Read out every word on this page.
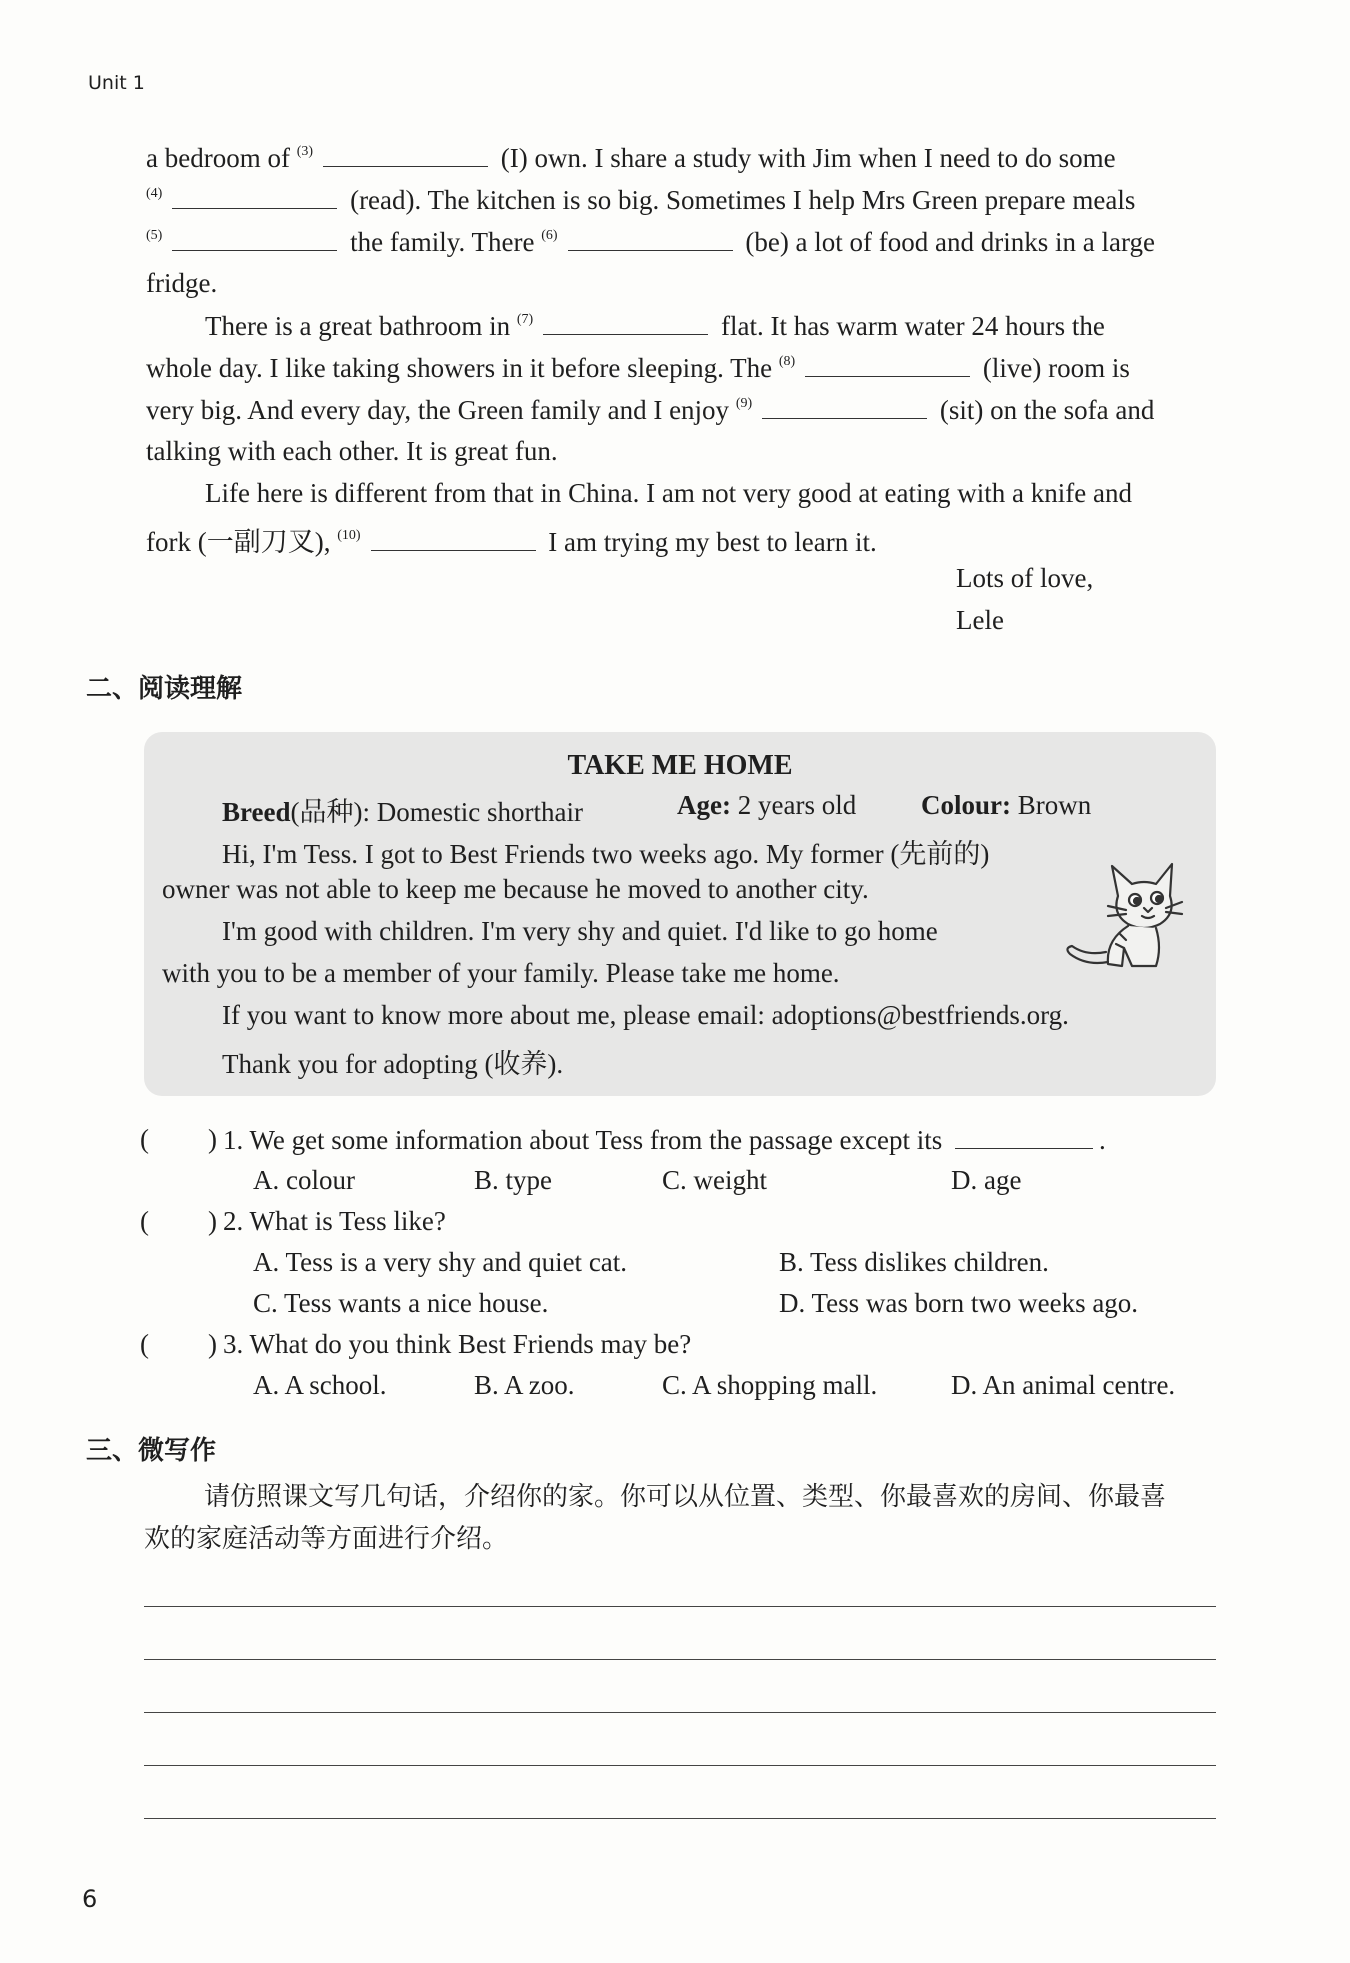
Unit 1
a bedroom of $^{(3)}$	(I) own. I share a study with Jim when I need to do some
$^{(4)}$	(read). The kitchen is so big. Sometimes I help Mrs Green prepare meals
$^{(5)}$	the family. There $^{(6)}$	(be) a lot of food and drinks in a large
fridge.
There is a great bathroom in $^{(7)}$	flat. It has warm water 24 hours the
whole day. I like taking showers in it before sleeping. The $^{(8)}$	(live) room is
very big. And every day, the Green family and I enjoy $^{(9)}$	(sit) on the sofa and
talking with each other. It is great fun.
Life here is different from that in China. I am not very good at eating with a knife and
fork (一副刀叉), $^{(10)}$	I am trying my best to learn it.
Lots of love,
Lele
二、阅读理解
TAKE ME HOME
Breed(品种): Domestic shorthair	Age: 2 years old Colour: Brown
Hi, I'm Tess. I got to Best Friends two weeks ago. My former (先前的)
owner was not able to keep me because he moved to another city.
I'm good with children. I'm very shy and quiet. I'd like to go home
with you to be a member of your family. Please take me home.
If you want to know more about me, please email: adoptions@bestfriends.org.
Thank you for adopting (收养).
( ) 1. We get some information about Tess from the passage except its	.
A. colour	B. type	C. weight	D. age
( ) 2. What is Tess like?
A. Tess is a very shy and quiet cat.	B. Tess dislikes children.
C. Tess wants a nice house.	D. Tess was born two weeks ago.
( ) 3. What do you think Best Friends may be?
A. A school.	B. A zoo.	C. A shopping mall.	D. An animal centre.
三、微写作
请仿照课文写几句话，介绍你的家。你可以从位置、类型、你最喜欢的房间、你最喜
欢的家庭活动等方面进行介绍。
6
